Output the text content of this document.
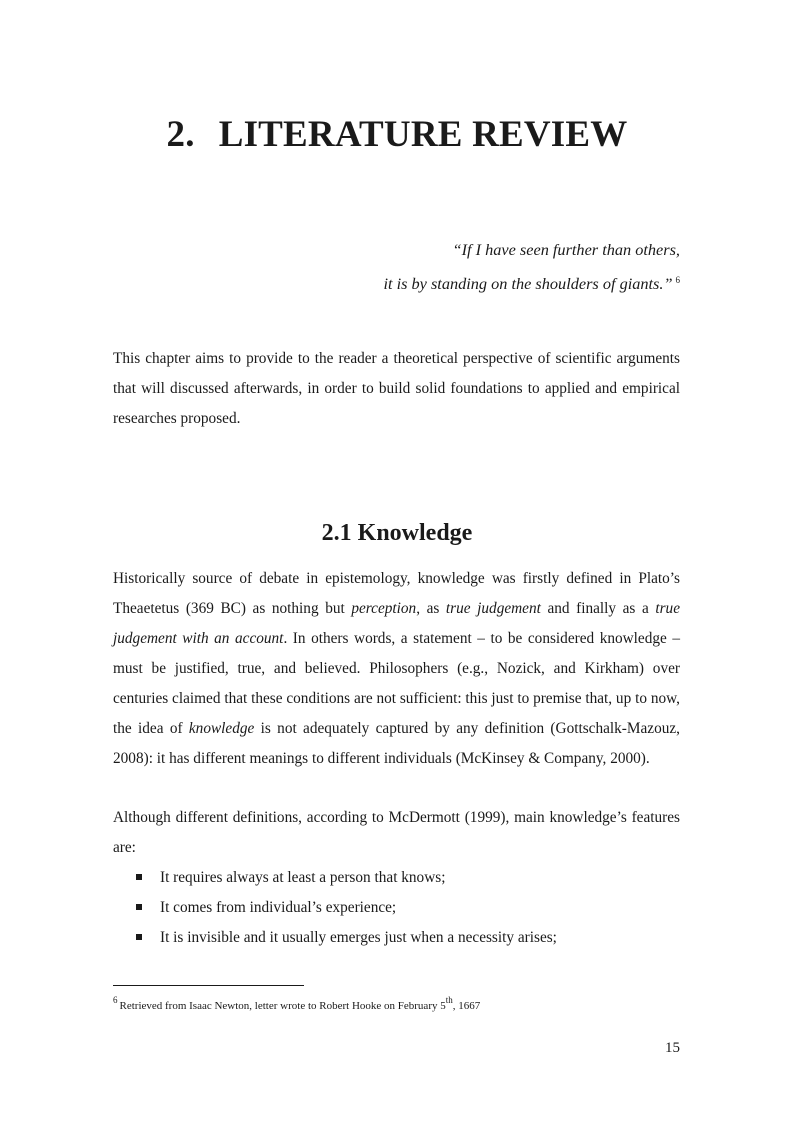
2. LITERATURE REVIEW
“If I have seen further than others,
it is by standing on the shoulders of giants.” $^6$

This chapter aims to provide to the reader a theoretical perspective of scientific arguments that will discussed afterwards, in order to build solid foundations to applied and empirical researches proposed.

2.1 Knowledge

Historically source of debate in epistemology, knowledge was firstly defined in Plato’s Theaetetus (369 BC) as nothing but perception, as true judgement and finally as a true judgement with an account. In others words, a statement – to be considered knowledge – must be justified, true, and believed. Philosophers (e.g., Nozick, and Kirkham) over centuries claimed that these conditions are not sufficient: this just to premise that, up to now, the idea of knowledge is not adequately captured by any definition (Gottschalk-Mazouz, 2008): it has different meanings to different individuals (McKinsey & Company, 2000).

Although different definitions, according to McDermott (1999), main knowledge’s features are:

It requires always at least a person that knows;
It comes from individual’s experience;
It is invisible and it usually emerges just when a necessity arises;
$^6$ Retrieved from Isaac Newton, letter wrote to Robert Hooke on February 5th, 1667
15
